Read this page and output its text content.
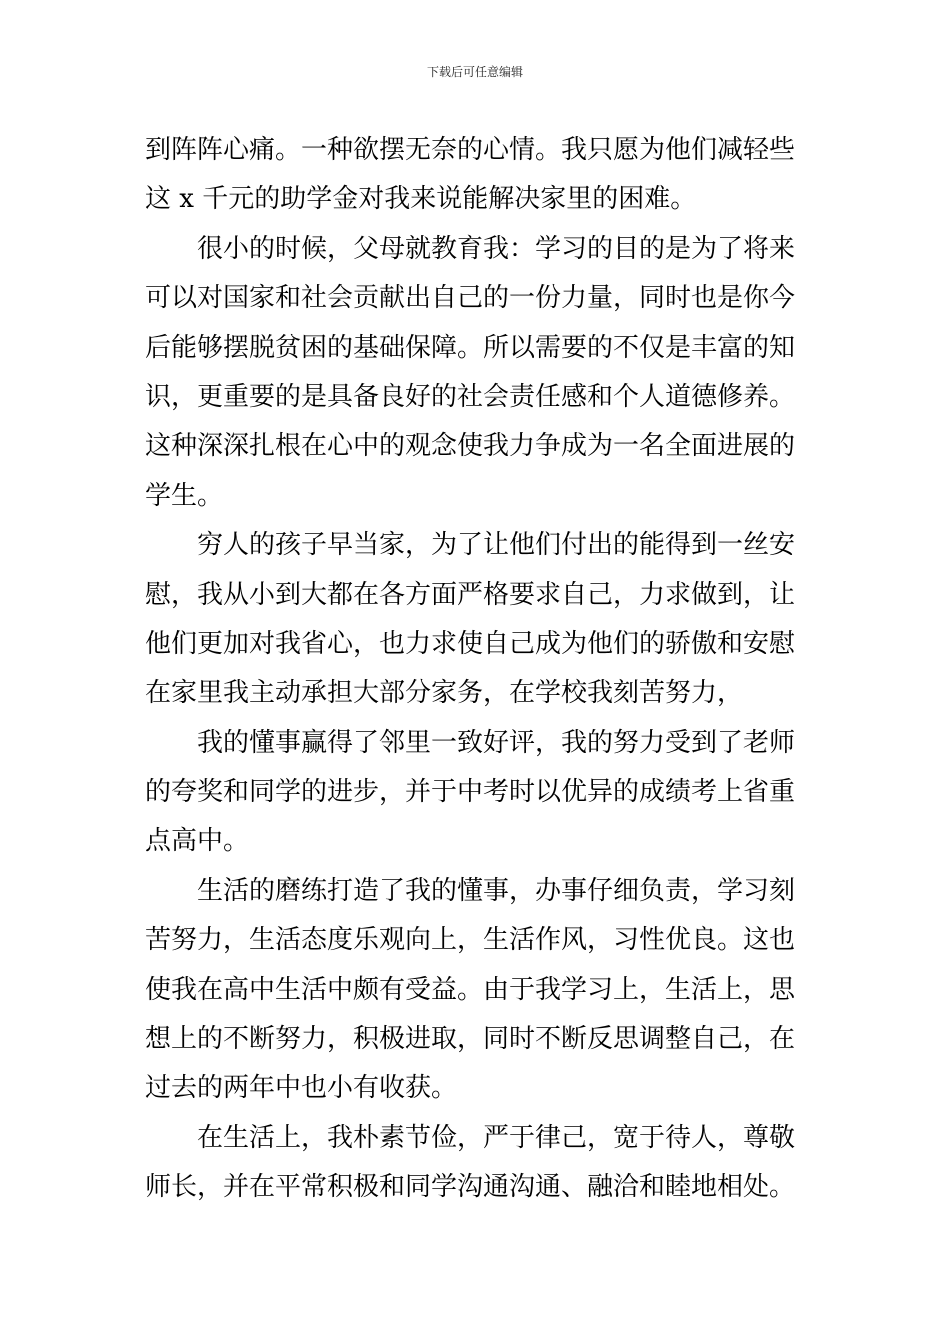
下载后可任意编辑
到阵阵心痛。一种欲摆无奈的心情。我只愿为他们减轻些
这 x 千元的助学金对我来说能解决家里的困难。
很小的时候，父母就教育我：学习的目的是为了将来
可以对国家和社会贡献出自己的一份力量，同时也是你今
后能够摆脱贫困的基础保障。所以需要的不仅是丰富的知
识，更重要的是具备良好的社会责任感和个人道德修养。
这种深深扎根在心中的观念使我力争成为一名全面进展的
学生。
穷人的孩子早当家，为了让他们付出的能得到一丝安
慰，我从小到大都在各方面严格要求自己，力求做到，让
他们更加对我省心，也力求使自己成为他们的骄傲和安慰
在家里我主动承担大部分家务，在学校我刻苦努力，
我的懂事赢得了邻里一致好评，我的努力受到了老师
的夸奖和同学的进步，并于中考时以优异的成绩考上省重
点高中。
生活的磨练打造了我的懂事，办事仔细负责，学习刻
苦努力，生活态度乐观向上，生活作风，习性优良。这也
使我在高中生活中颇有受益。由于我学习上，生活上，思
想上的不断努力，积极进取，同时不断反思调整自己，在
过去的两年中也小有收获。
在生活上，我朴素节俭，严于律己，宽于待人，尊敬
师长，并在平常积极和同学沟通沟通、融洽和睦地相处。
